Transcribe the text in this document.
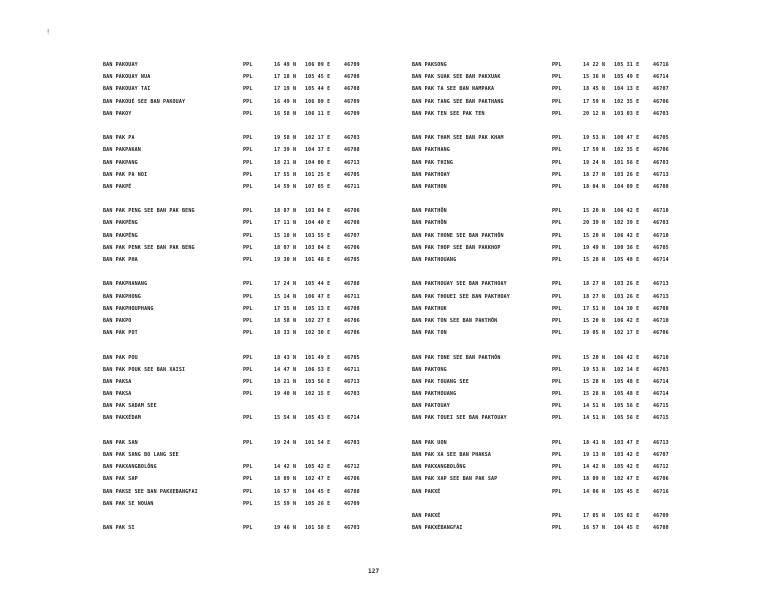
!
BAN PAKOUAY	PPL	16 49 N 106 09 E	46709
BAN PAKOUAY NUA	PPL	17 18 N 105 45 E	46708
BAN PAKOUAY TAI	PPL	17 19 N 105 44 E	46708
BAN PAKOUÉ SEE BAN PAKOUAY	PPL	16 49 N 106 09 E	46709
BAN PAKOY	PPL	16 58 N 106 11 E	46709
BAN PAK PA	PPL	19 58 N 102 17 E	46703
BAN PAKPAKAN	PPL	17 39 N 104 37 E	46708
BAN PAKPANG	PPL	18 21 N 104 00 E	46713
BAN PAK PA NOI	PPL	17 55 N 101 25 E	46705
BAN PAKPÉ	PPL	14 59 N 107 05 E	46711
BAN PAK PENG SEE BAN PAK BENG	PPL	18 07 N 103 04 E	46706
BAN PAKPÉNG	PPL	17 11 N 104 40 E	46708
BAN PAKPÉNG	PPL	15 18 N 103 55 E	46707
BAN PAK PENK SEE BAN PAK BENG	PPL	18 07 N 103 04 E	46706
BAN PAK PHA	PPL	19 30 N 101 48 E	46705
BAN PAKPHANANG	PPL	17 24 N 105 44 E	46708
BAN PAKPHONG	PPL	15 14 N 106 47 E	46711
BAN PAKPHOUPHANG	PPL	17 35 N 105 13 E	46708
BAN PAKPO	PPL	18 58 N 102 27 E	46706
BAN PAK POT	PPL	18 33 N 102 30 E	46706
BAN PAK POU	PPL	18 43 N 101 49 E	46705
BAN PAK POUK SEE BAN XAISI	PPL	14 47 N 106 53 E	46711
BAN PAKSA	PPL	18 21 N 103 56 E	46713
BAN PAKSA	PPL	19 40 N 102 15 E	46703
BAN PAK SADAM SEE
BAN PAKXÉDAM	PPL	15 54 N 105 43 E	46714
BAN PAK SAN	PPL	19 24 N 101 54 E	46703
BAN PAK SANG BO LANG SEE
BAN PAKXANGBOLÔNG	PPL	14 42 N 105 42 E	46712
BAN PAK SAP	PPL	18 09 N 102 47 E	46706
BAN PAKSE SEE BAN PAKXEBANGFAI	PPL	16 57 N 104 45 E	46708
BAN PAK SE NOUAN	PPL	15 59 N 105 26 E	46709
BAN PAK SI	PPL	19 46 N 101 58 E	46703
BAN PAKSONG	PPL	14 22 N 105 31 E	46716
BAN PAK SUAK SEE BAN PAKXUAK	PPL	15 36 N 105 49 E	46714
BAN PAK TA SEE BAN NAMPAKA	PPL	18 45 N 104 13 E	46707
BAN PAK TANG SEE BAN PAKTHANG	PPL	17 59 N 102 35 E	46706
BAN PAK TEN SEE PAK TEN	PPL	20 12 N 103 03 E	46703
BAN PAK THAM SEE BAN PAK KHAM	PPL	19 53 N 100 47 E	46705
BAN PAKTHANG	PPL	17 59 N 102 35 E	46706
BAN PAK THING	PPL	19 24 N 101 56 E	46703
BAN PAKTHOAY	PPL	18 27 N 103 26 E	46713
BAN PAKTHON	PPL	18 04 N 104 09 E	46708
BAN PAKTHÔN	PPL	15 20 N 106 42 E	46710
BAN PAKTHÔN	PPL	20 39 N 102 39 E	46703
BAN PAK THONE SEE BAN PAKTHÔN	PPL	15 20 N 106 42 E	46710
BAN PAK THOP SEE BAN PAKKHOP	PPL	19 49 N 100 36 E	46705
BAN PAKTHOUANG	PPL	15 28 N 105 48 E	46714
BAN PAKTHOUAY SEE BAN PAKTHOAY	PPL	18 27 N 103 26 E	46713
BAN PAK THOUEI SEE BAN PAKTHOAY	PPL	18 27 N 103 26 E	46713
BAN PAKTHUK	PPL	17 51 N 104 30 E	46708
BAN PAK TON SEE BAN PAKTHÔN	PPL	15 20 N 106 42 E	46710
BAN PAK TON	PPL	19 05 N 102 17 E	46706
BAN PAK TONE SEE BAN PAKTHÔN	PPL	15 20 N 106 42 E	46710
BAN PAKTONG	PPL	19 53 N 102 14 E	46703
BAN PAK TOUANG SEE	PPL	15 28 N 105 48 E	46714
BAN PAKTHOUANG	PPL	15 28 N 105 48 E	46714
BAN PAKTOUAY	PPL	14 51 N 105 56 E	46715
BAN PAK TOUEI SEE BAN PAKTOUAY	PPL	14 51 N 105 56 E	46715
BAN PAK UON	PPL	18 41 N 103 47 E	46713
BAN PAK XA SEE BAN PHAKSA	PPL	19 13 N 103 42 E	46707
BAN PAKXANGBOLÔNG	PPL	14 42 N 105 42 E	46712
BAN PAK XAP SEE BAN PAK SAP	PPL	18 09 N 102 47 E	46706
BAN PAKXÉ	PPL	14 06 N 105 45 E	46716
BAN PAKXÉ	PPL	17 05 N 105 02 E	46709
BAN PAKXÉBANGFAI	PPL	16 57 N 104 45 E	46708
127
